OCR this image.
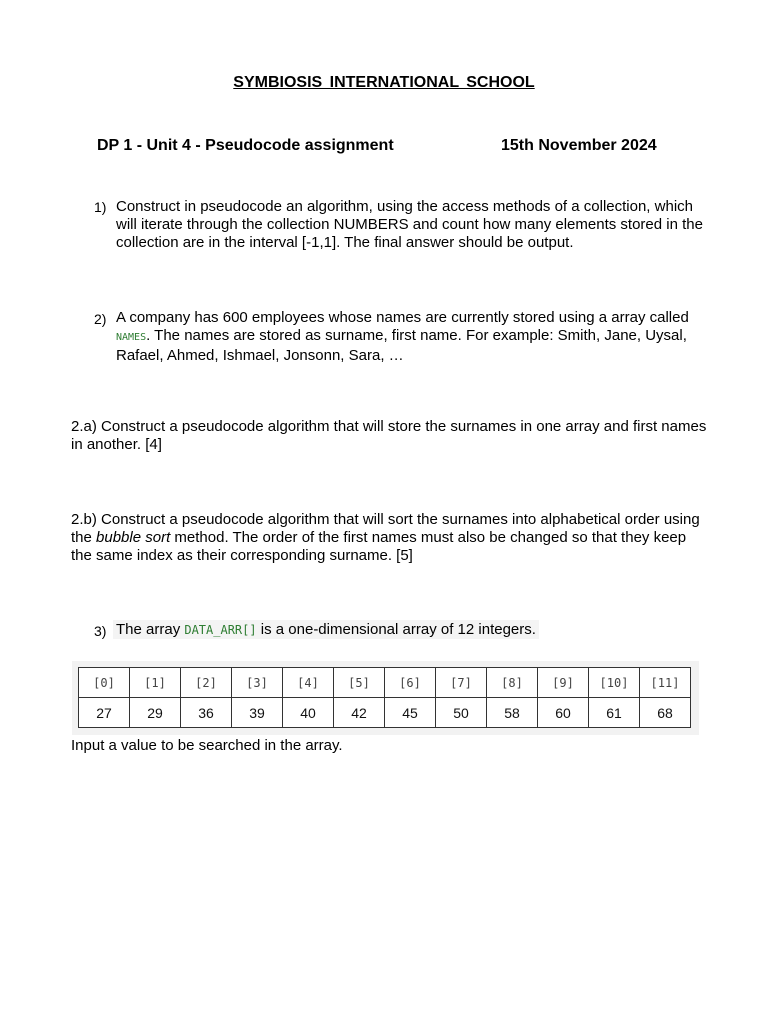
SYMBIOSIS INTERNATIONAL SCHOOL
DP 1 - Unit 4 - Pseudocode assignment	15th November 2024
1) Construct in pseudocode an algorithm, using the access methods of a collection, which will iterate through the collection NUMBERS and count how many elements stored in the collection are in the interval [-1,1]. The final answer should be output.
2) A company has 600 employees whose names are currently stored using a array called NAMES. The names are stored as surname, first name. For example: Smith, Jane, Uysal, Rafael, Ahmed, Ishmael, Jonsonn, Sara, …
2.a) Construct a pseudocode algorithm that will store the surnames in one array and first names in another. [4]
2.b) Construct a pseudocode algorithm that will sort the surnames into alphabetical order using the bubble sort method. The order of the first names must also be changed so that they keep the same index as their corresponding surname. [5]
3) The array DATA_ARR[] is a one-dimensional array of 12 integers.
[0]	[1]	[2]	[3]	[4]	[5]	[6]	[7]	[8]	[9]	[10]	[11]
27	29	36	39	40	42	45	50	58	60	61	68
Input a value to be searched in the array.
